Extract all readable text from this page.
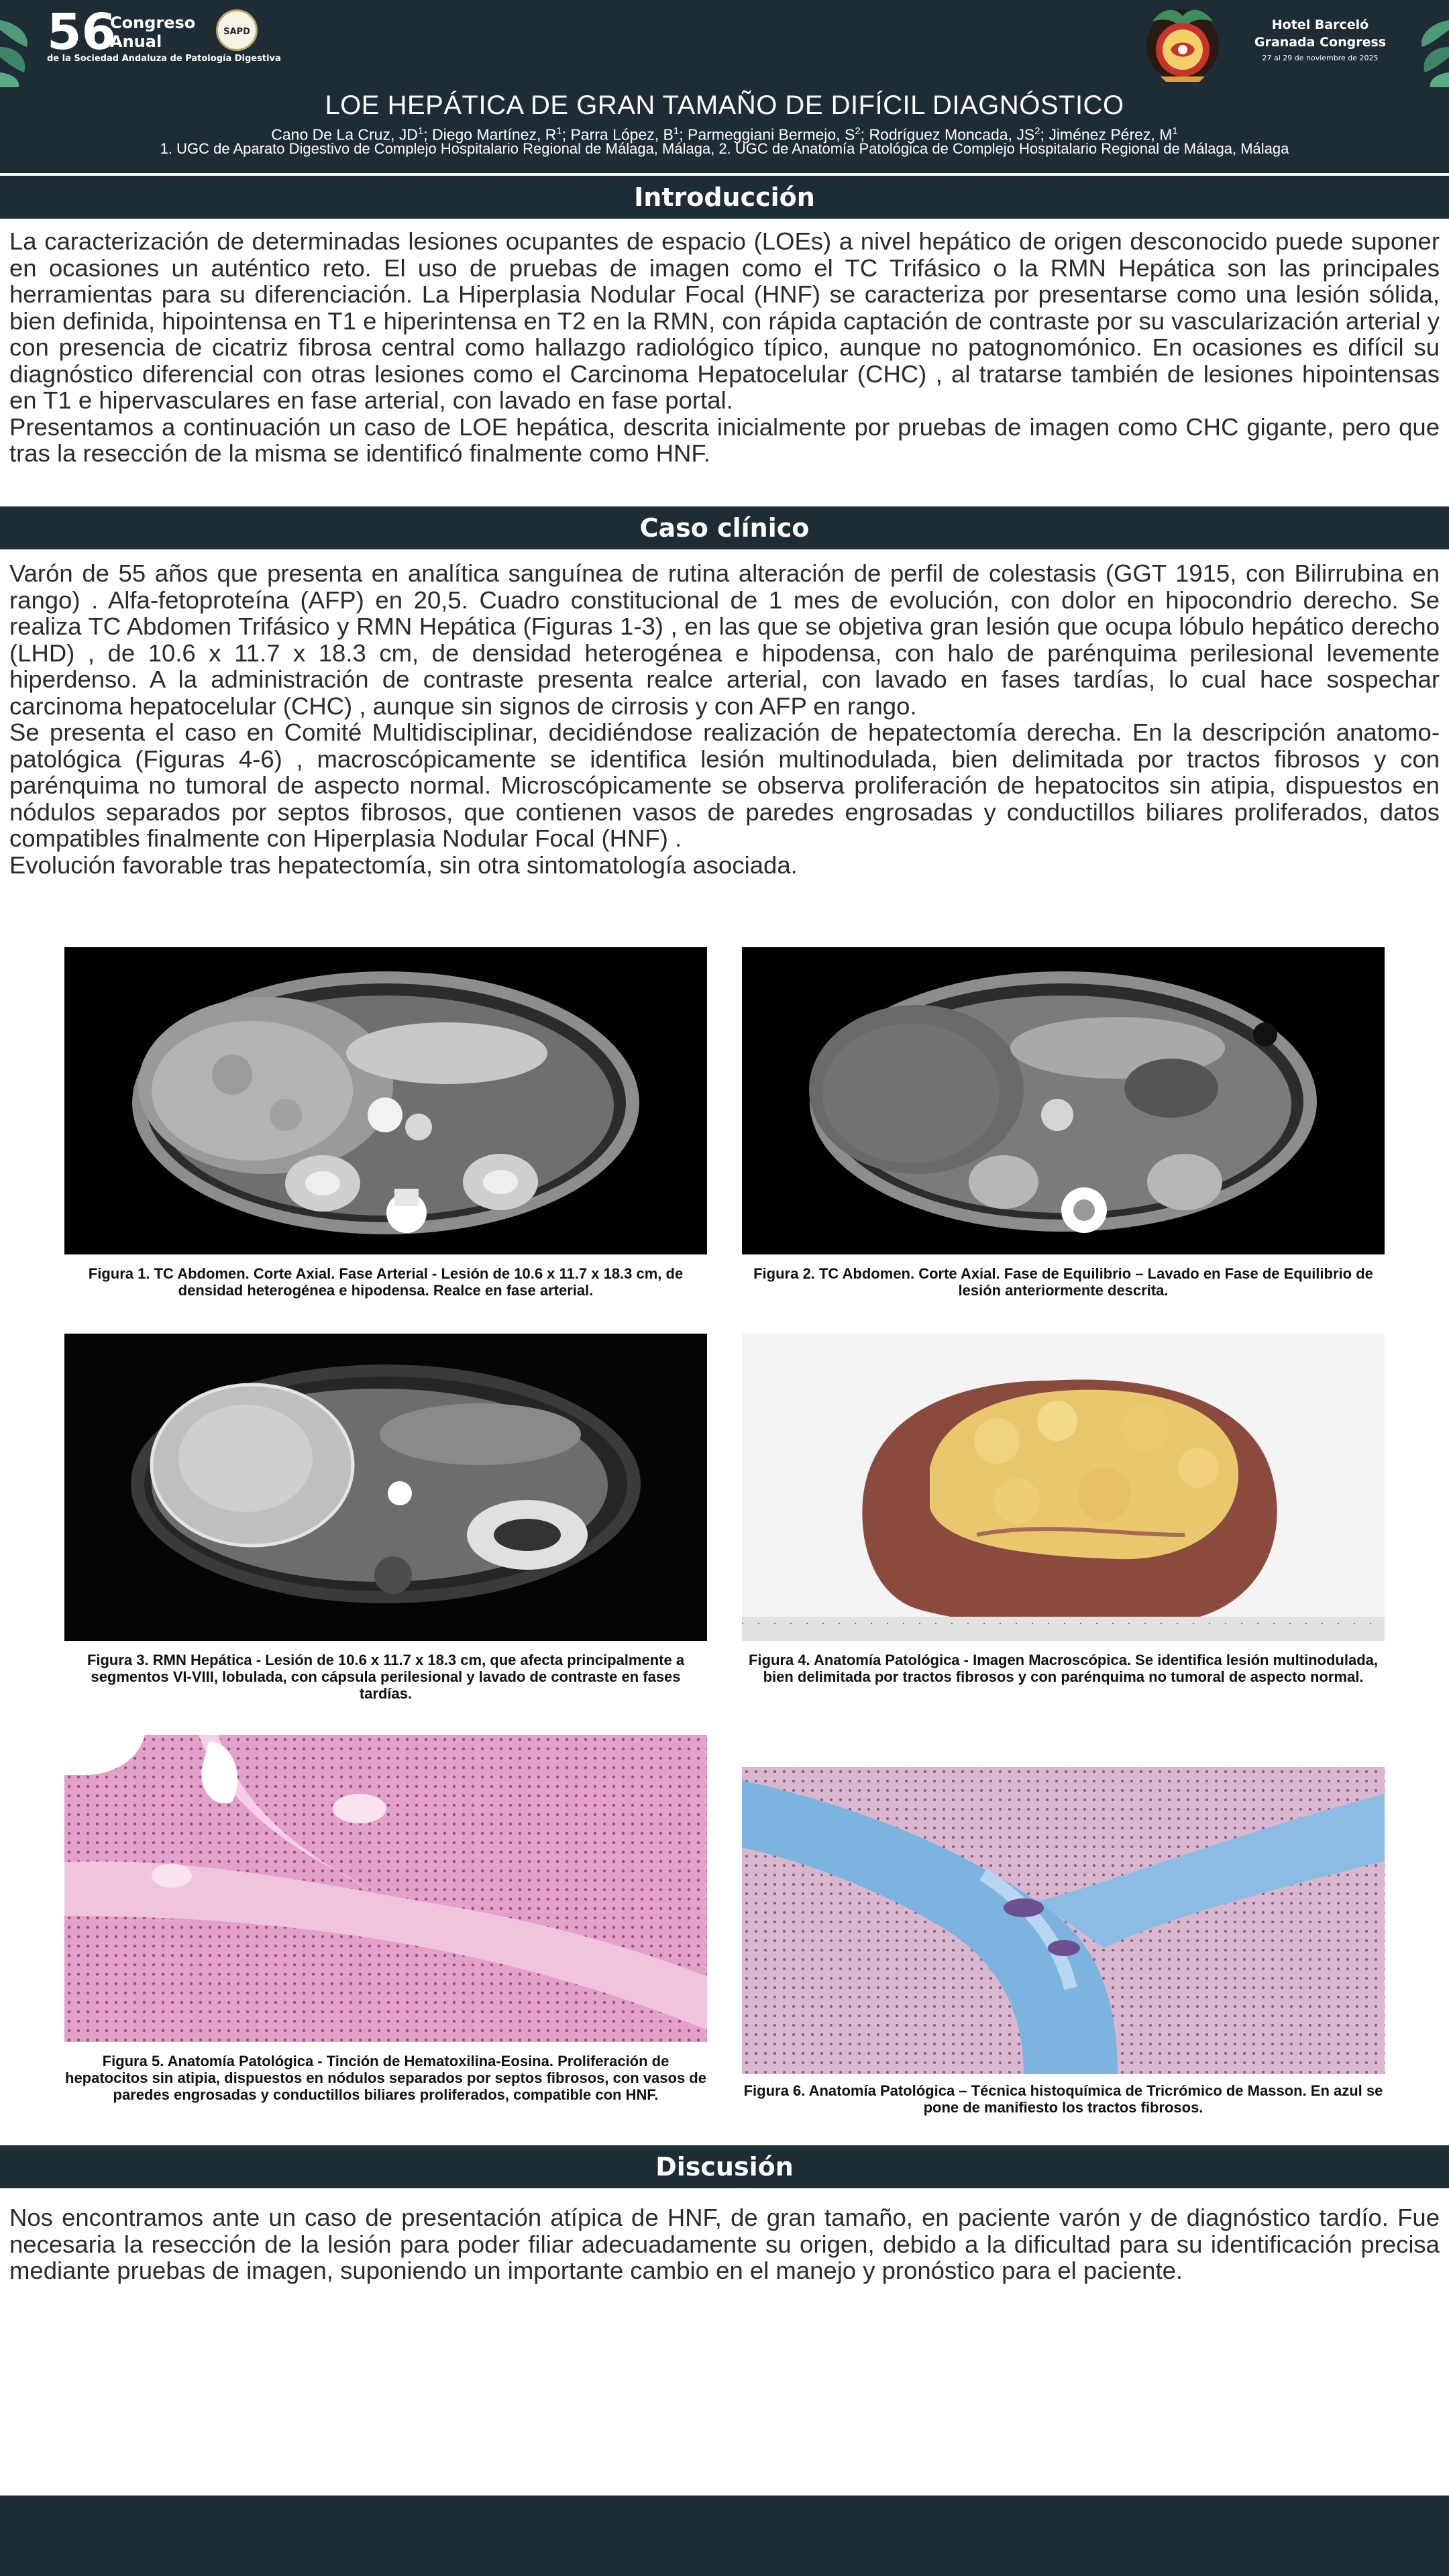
56
Congreso
Anual
de la Sociedad Andaluza de Patología Digestiva
SAPD	Hotel Barceló
Granada Congress
27 al 29 de noviembre de 2025
LOE HEPÁTICA DE GRAN TAMAÑO DE DIFÍCIL DIAGNÓSTICO
Cano De La Cruz, $JD^1$; Diego Martínez, $R^1$; Parra López, $B^1$; Parmeggiani Bermejo, $S^2$; Rodríguez Moncada, $JS^2$; Jiménez Pérez, $M^1$
1. UGC de Aparato Digestivo de Complejo Hospitalario Regional de Málaga, Málaga, 2. UGC de Anatomía Patológica de Complejo Hospitalario Regional de Málaga, Málaga
Introducción

La caracterización de determinadas lesiones ocupantes de espacio (LOEs) a nivel hepático de origen desconocido puede suponer en ocasiones un auténtico reto. El uso de pruebas de imagen como el TC Trifásico o la RMN Hepática son las principales herramientas para su diferenciación. La Hiperplasia Nodular Focal (HNF) se caracteriza por presentarse como una lesión sólida, bien definida, hipointensa en T1 e hiperintensa en T2 en la RMN, con rápida captación de contraste por su vascularización arterial y con presencia de cicatriz fibrosa central como hallazgo radiológico típico, aunque no patognomónico. En ocasiones es difícil su diagnóstico diferencial con otras lesiones como el Carcinoma Hepatocelular (CHC) , al tratarse también de lesiones hipointensas en T1 e hipervasculares en fase arterial, con lavado en fase portal.

Presentamos a continuación un caso de LOE hepática, descrita inicialmente por pruebas de imagen como CHC gigante, pero que tras la resección de la misma se identificó finalmente como HNF.

Caso clínico

Varón de 55 años que presenta en analítica sanguínea de rutina alteración de perfil de colestasis (GGT 1915, con Bilirrubina en rango) . Alfa-fetoproteína (AFP) en 20,5. Cuadro constitucional de 1 mes de evolución, con dolor en hipocondrio derecho. Se realiza TC Abdomen Trifásico y RMN Hepática (Figuras 1-3) , en las que se objetiva gran lesión que ocupa lóbulo hepático derecho (LHD) , de 10.6 x 11.7 x 18.3 cm, de densidad heterogénea e hipodensa, con halo de parénquima perilesional levemente hiperdenso. A la administración de contraste presenta realce arterial, con lavado en fases tardías, lo cual hace sospechar carcinoma hepatocelular (CHC) , aunque sin signos de cirrosis y con AFP en rango.

Se presenta el caso en Comité Multidisciplinar, decidiéndose realización de hepatectomía derecha. En la descripción anatomo-patológica (Figuras 4-6) , macroscópicamente se identifica lesión multinodulada, bien delimitada por tractos fibrosos y con parénquima no tumoral de aspecto normal. Microscópicamente se observa proliferación de hepatocitos sin atipia, dispuestos en nódulos separados por septos fibrosos, que contienen vasos de paredes engrosadas y conductillos biliares proliferados, datos compatibles finalmente con Hiperplasia Nodular Focal (HNF) .

Evolución favorable tras hepatectomía, sin otra sintomatología asociada.

Figura 1. TC Abdomen. Corte Axial. Fase Arterial - Lesión de 10.6 x 11.7 x 18.3 cm, de densidad heterogénea e hipodensa. Realce en fase arterial.
Figura 2. TC Abdomen. Corte Axial. Fase de Equilibrio – Lavado en Fase de Equilibrio de lesión anteriormente descrita.
Figura 3. RMN Hepática - Lesión de 10.6 x 11.7 x 18.3 cm, que afecta principalmente a segmentos VI-VIII, lobulada, con cápsula perilesional y lavado de contraste en fases tardías.
Figura 4. Anatomía Patológica - Imagen Macroscópica. Se identifica lesión multinodulada, bien delimitada por tractos fibrosos y con parénquima no tumoral de aspecto normal.
Figura 5. Anatomía Patológica - Tinción de Hematoxilina-Eosina. Proliferación de hepatocitos sin atipia, dispuestos en nódulos separados por septos fibrosos, con vasos de paredes engrosadas y conductillos biliares proliferados, compatible con HNF.	Figura 6. Anatomía Patológica – Técnica histoquímica de Tricrómico de Masson. En azul se pone de manifiesto los tractos fibrosos.
Discusión

Nos encontramos ante un caso de presentación atípica de HNF, de gran tamaño, en paciente varón y de diagnóstico tardío. Fue necesaria la resección de la lesión para poder filiar adecuadamente su origen, debido a la dificultad para su identificación precisa mediante pruebas de imagen, suponiendo un importante cambio en el manejo y pronóstico para el paciente.
